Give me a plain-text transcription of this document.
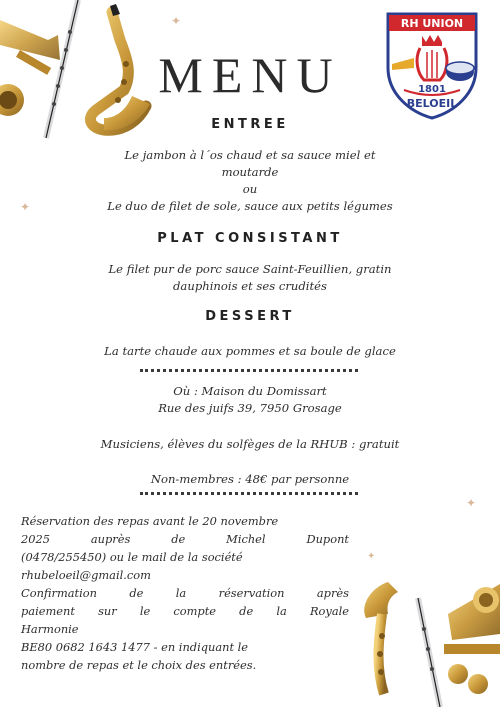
RH UNION
1801
BELOEIL
✦
✦
✦
✦
MENU
ENTREE
Le jambon à l´os chaud et sa sauce miel et
moutarde
ou
Le duo de filet de sole, sauce aux petits légumes
PLAT CONSISTANT
Le filet pur de porc sauce Saint-Feuillien, gratin
dauphinois et ses crudités
DESSERT
La tarte chaude aux pommes et sa boule de glace
Où : Maison du Domissart
Rue des juifs 39, 7950 Grosage
Musiciens, élèves du solfèges de la RHUB : gratuit
Non-membres : 48€ par personne
Réservation des repas avant le 20 novembre
2025 auprès de Michel Dupont
(0478/255450) ou le mail de la société
rhubeloeil@gmail.com
Confirmation de la réservation après
paiement sur le compte de la Royale
Harmonie
BE80 0682 1643 1477 - en indiquant le
nombre de repas et le choix des entrées.
